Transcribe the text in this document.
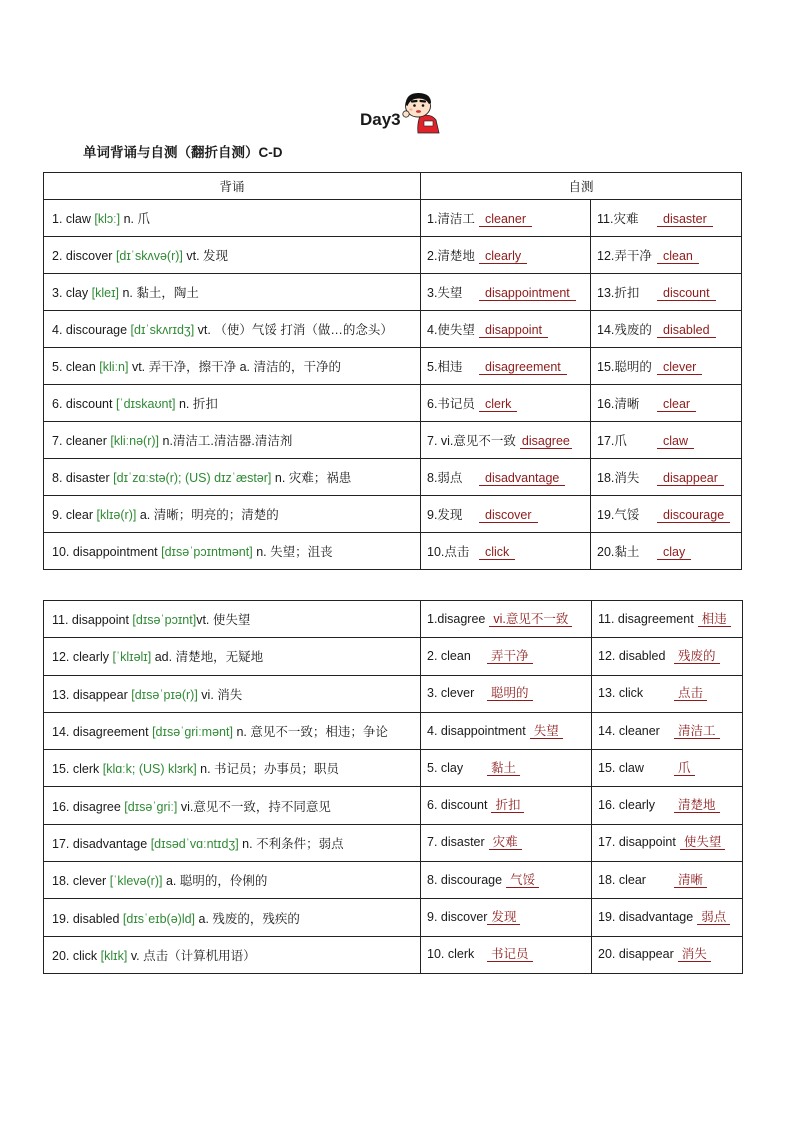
Day3
单词背诵与自测（翻折自测）C-D
背诵	自测	
1. claw [klɔː] n. 爪	1.清洁工 cleaner	11.灾难 disaster
2. discover [dɪˈskʌvə(r)] vt. 发现	2.清楚地 clearly	12.弄干净 clean
3. clay [kleɪ] n. 黏土，陶土	3.失望 disappointment	13.折扣 discount
4. discourage [dɪˈskʌrɪdʒ] vt. （使）气馁 打消（做…的念头）	4.使失望 disappoint	14.残废的 disabled
5. clean [kliːn] vt. 弄干净，擦干净 a. 清洁的，干净的	5.相违 disagreement	15.聪明的 clever
6. discount [ˈdɪskaʊnt] n. 折扣	6.书记员 clerk	16.清晰 clear
7. cleaner [kliːnə(r)] n.清洁工.清洁器.清洁剂	7. vi.意见不一致 disagree	17.爪 claw
8. disaster [dɪˈzɑːstə(r); (US) dɪzˈæstər] n. 灾难；祸患	8.弱点 disadvantage	18.消失 disappear
9. clear [klɪə(r)] a. 清晰；明亮的；清楚的	9.发现 discover	19.气馁 discourage
10. disappointment [dɪsəˈpɔɪntmənt] n. 失望；沮丧	10.点击 click	20.黏土 clay
11. disappoint [dɪsəˈpɔɪnt]vt. 使失望	1.disagree vi.意见不一致	11. disagreement 相违
12. clearly [ˈklɪəlɪ] ad. 清楚地，无疑地	2. clean 弄干净	12. disabled 残废的
13. disappear [dɪsəˈpɪə(r)] vi. 消失	3. clever 聪明的	13. click 点击
14. disagreement [dɪsəˈɡriːmənt] n. 意见不一致；相违；争论	4. disappointment 失望	14. cleaner 清洁工
15. clerk [klɑːk; (US) klɜrk] n. 书记员；办事员；职员	5. clay 黏土	15. claw 爪
16. disagree [dɪsəˈɡriː] vi.意见不一致，持不同意见	6. discount 折扣	16. clearly 清楚地
17. disadvantage [dɪsədˈvɑːntɪdʒ] n. 不利条件；弱点	7. disaster 灾难	17. disappoint 使失望
18. clever [ˈklevə(r)] a. 聪明的，伶俐的	8. discourage 气馁	18. clear 清晰
19. disabled [dɪsˈeɪb(ə)ld] a. 残废的，残疾的	9. discover 发现	19. disadvantage 弱点
20. click [klɪk] v. 点击（计算机用语）	10. clerk 书记员	20. disappear 消失
